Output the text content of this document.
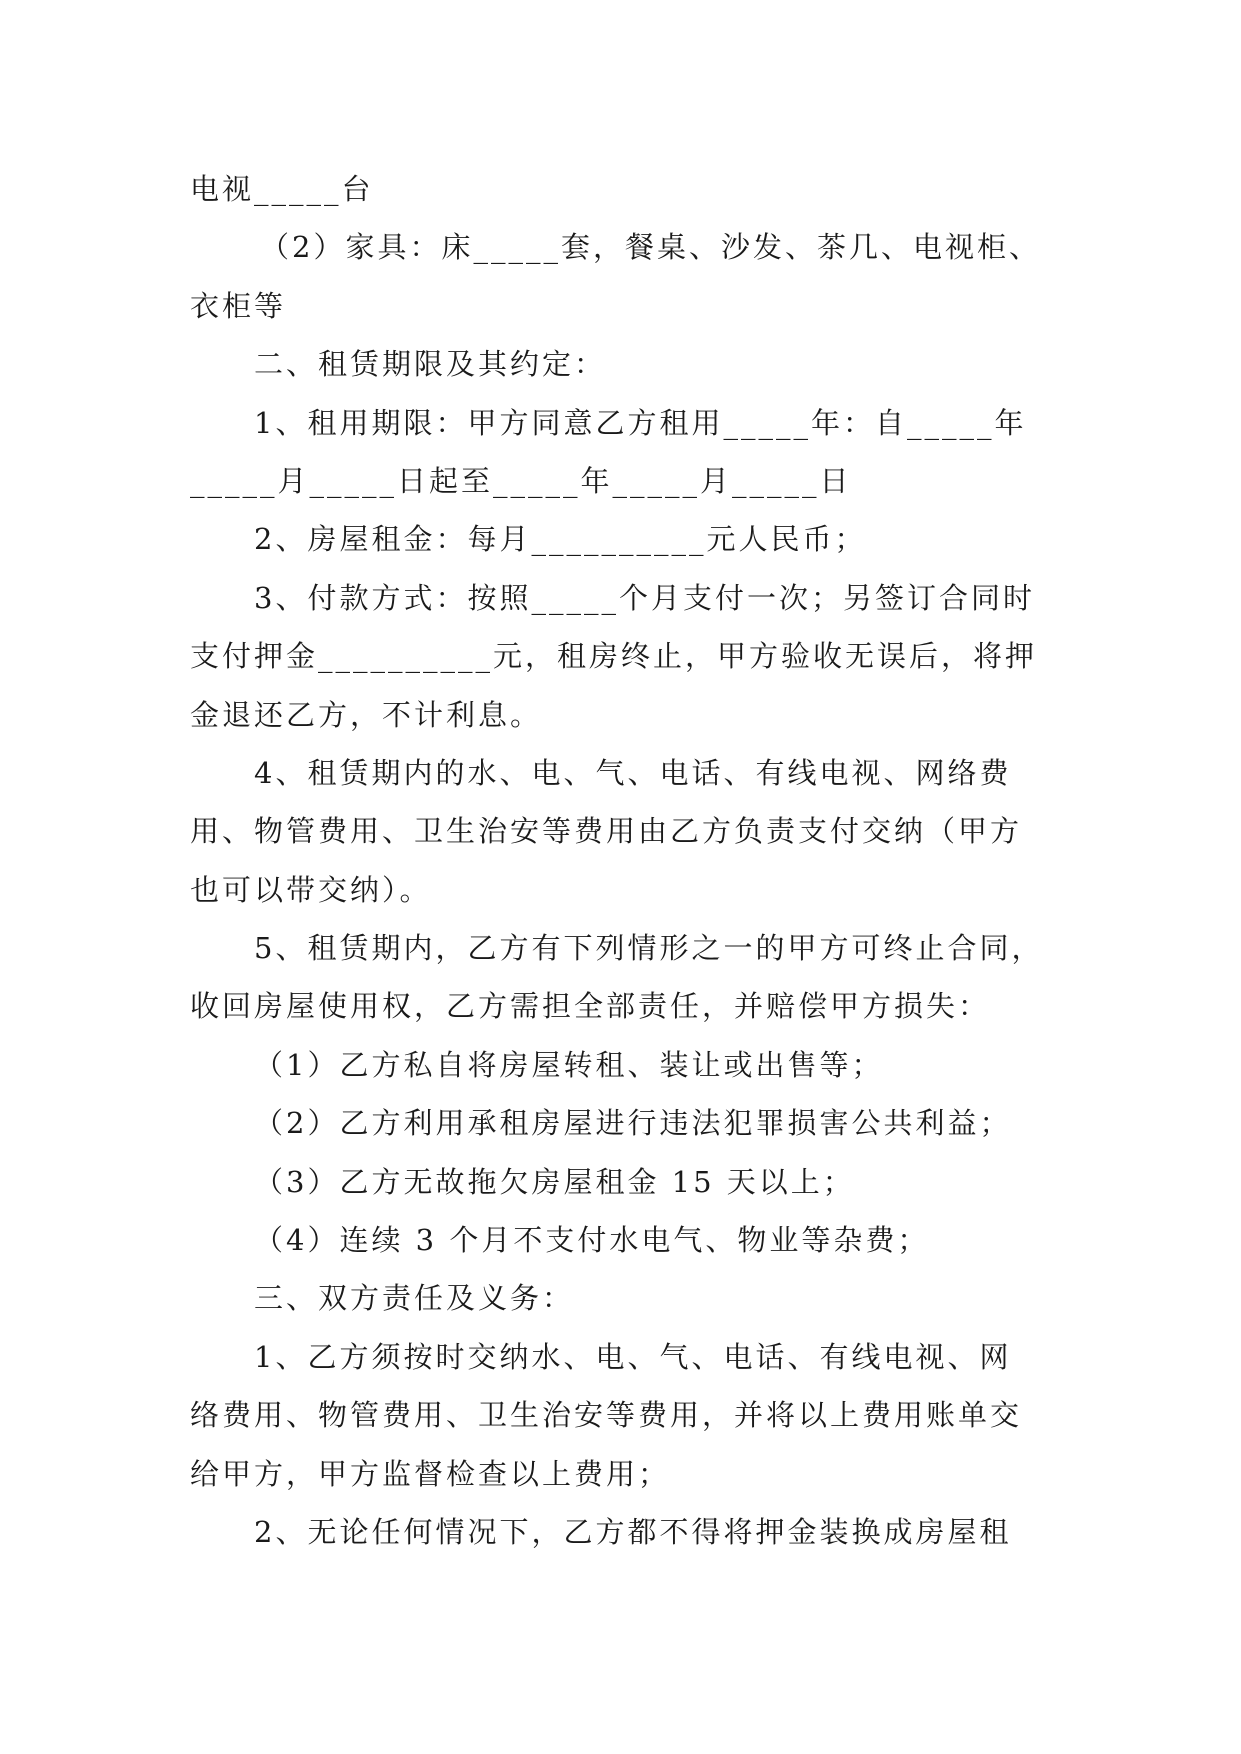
电视_____台
（2）家具：床_____套，餐桌、沙发、茶几、电视柜、
衣柜等
二、租赁期限及其约定：
1、租用期限：甲方同意乙方租用_____年：自_____年
_____月_____日起至_____年_____月_____日
2、房屋租金：每月__________元人民币；
3、付款方式：按照_____个月支付一次；另签订合同时
支付押金__________元，租房终止，甲方验收无误后，将押
金退还乙方，不计利息。
4、租赁期内的水、电、气、电话、有线电视、网络费
用、物管费用、卫生治安等费用由乙方负责支付交纳（甲方
也可以带交纳）。
5、租赁期内，乙方有下列情形之一的甲方可终止合同，
收回房屋使用权，乙方需担全部责任，并赔偿甲方损失：
（1）乙方私自将房屋转租、装让或出售等；
（2）乙方利用承租房屋进行违法犯罪损害公共利益；
（3）乙方无故拖欠房屋租金 15 天以上；
（4）连续 3 个月不支付水电气、物业等杂费；
三、双方责任及义务：
1、乙方须按时交纳水、电、气、电话、有线电视、网
络费用、物管费用、卫生治安等费用，并将以上费用账单交
给甲方，甲方监督检查以上费用；
2、无论任何情况下，乙方都不得将押金装换成房屋租
